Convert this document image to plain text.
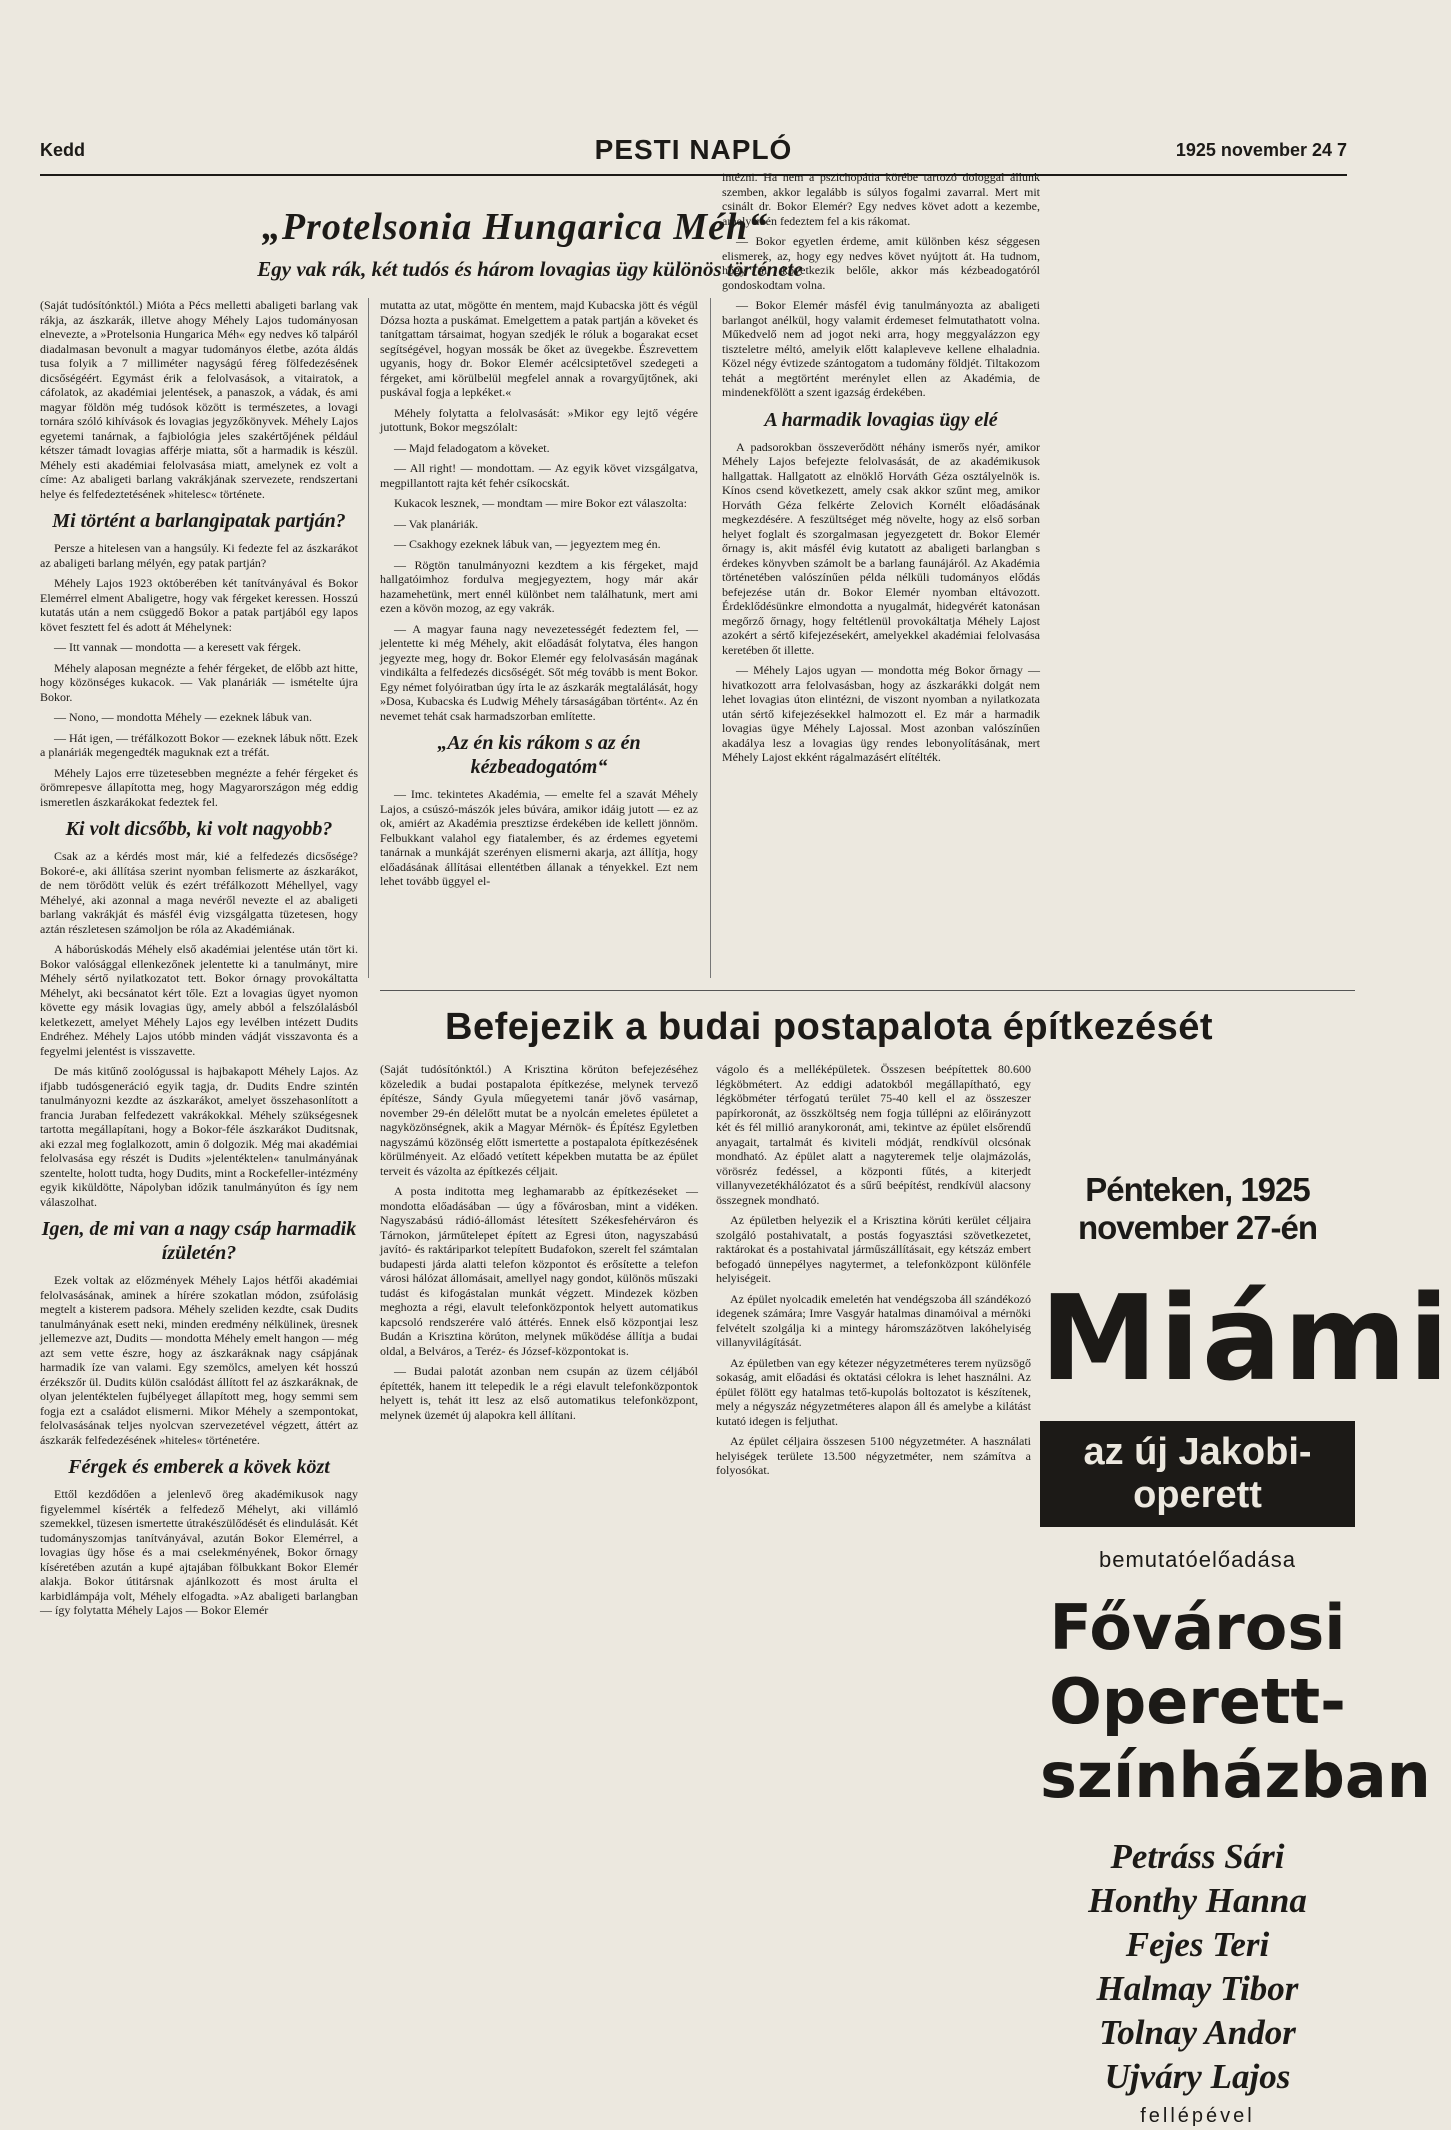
Kedd	PESTI NAPLÓ	1925 november 24 7
„Protelsonia Hungarica Méh“
Egy vak rák, két tudós és három lovagias ügy különös története

(Saját tudósítónktól.) Mióta a Pécs melletti abaligeti barlang vak rákja, az ászkarák, illetve ahogy Méhely Lajos tudományosan elnevezte, a »Protelsonia Hungarica Méh« egy nedves kő talpáról diadalmasan bevonult a magyar tudományos életbe, azóta áldás tusa folyik a 7 milliméter nagyságú féreg fölfedezésének dicsőségéért. Egymást érik a felolvasások, a vitairatok, a cáfolatok, az akadémiai jelentések, a panaszok, a vádak, és ami magyar földön még tudósok között is természetes, a lovagi tornára szóló kihívások és lovagias jegyzőkönyvek. Méhely Lajos egyetemi tanárnak, a fajbiológia jeles szakértőjének például kétszer támadt lovagias afférje miatta, sőt a harmadik is készül. Méhely esti akadémiai felolvasása miatt, amelynek ez volt a címe: Az abaligeti barlang vakrákjának szervezete, rendszertani helye és felfedeztetésének »hitelesc« története.

Mi történt a barlangipatak partján?

Persze a hitelesen van a hangsúly. Ki fedezte fel az ászkarákot az abaligeti barlang mélyén, egy patak partján?

Méhely Lajos 1923 októberében két tanítványával és Bokor Elemérrel elment Abaligetre, hogy vak férgeket keressen. Hosszú kutatás után a nem csüggedő Bokor a patak partjából egy lapos követ fesztett fel és adott át Méhelynek:

— Itt vannak — mondotta — a keresett vak férgek.

Méhely alaposan megnézte a fehér férgeket, de előbb azt hitte, hogy közönséges kukacok. — Vak planáriák — ismételte újra Bokor.

— Nono, — mondotta Méhely — ezeknek lábuk van.

— Hát igen, — tréfálkozott Bokor — ezeknek lábuk nőtt. Ezek a planáriák megengedték maguknak ezt a tréfát.

Méhely Lajos erre tüzetesebben megnézte a fehér férgeket és örömrepesve állapította meg, hogy Magyarországon még eddig ismeretlen ászkarákokat fedeztek fel.

Ki volt dicsőbb, ki volt nagyobb?

Csak az a kérdés most már, kié a felfedezés dicsősége? Bokoré-e, aki állítása szerint nyomban felismerte az ászkarákot, de nem törődött velük és ezért tréfálkozott Méhellyel, vagy Méhelyé, aki azonnal a maga nevéről nevezte el az abaligeti barlang vakrákját és másfél évig vizsgálgatta tüzetesen, hogy aztán részletesen számoljon be róla az Akadémiának.

A háborúskodás Méhely első akadémiai jelentése után tört ki. Bokor valósággal ellenkezőnek jelentette ki a tanulmányt, mire Méhely sértő nyilatkozatot tett. Bokor órnagy provokáltatta Méhelyt, aki becsánatot kért tőle. Ezt a lovagias ügyet nyomon követte egy másik lovagias ügy, amely abból a felszólalásból keletkezett, amelyet Méhely Lajos egy levélben intézett Dudits Endréhez. Méhely Lajos utóbb minden vádját visszavonta és a fegyelmi jelentést is visszavette.

De más kitűnő zoológussal is hajbakapott Méhely Lajos. Az ifjabb tudósgeneráció egyik tagja, dr. Dudits Endre szintén tanulmányozni kezdte az ászkarákot, amelyet összehasonlított a francia Juraban felfedezett vakrákokkal. Méhely szükségesnek tartotta megállapítani, hogy a Bokor-féle ászkarákot Duditsnak, aki ezzal meg foglalkozott, amin ő dolgozik. Még mai akadémiai felolvasása egy részét is Dudits »jelentéktelen« tanulmányának szentelte, holott tudta, hogy Dudits, mint a Rockefeller-intézmény egyik kiküldötte, Nápolyban időzik tanulmányúton és így nem válaszolhat.

Igen, de mi van a nagy csáp harmadik ízületén?

Ezek voltak az előzmények Méhely Lajos hétfői akadémiai felolvasásának, aminek a hírére szokatlan módon, zsúfolásig megtelt a kisterem padsora. Méhely szeliden kezdte, csak Dudits tanulmányának esett neki, minden eredmény nélkülinek, üresnek jellemezve azt, Dudits — mondotta Méhely emelt hangon — még azt sem vette észre, hogy az ászkaráknak nagy csápjának harmadik íze van valami. Egy szemölcs, amelyen két hosszú érzékszőr ül. Dudits külön csalódást állított fel az ászkaráknak, de olyan jelentéktelen fujbélyeget állapított meg, hogy semmi sem fogja ezt a családot elismerni. Mikor Méhely a szempontokat, felolvasásának teljes nyolcvan szervezetével végzett, áttért az ászkarák felfedezésének »hiteles« történetére.

Férgek és emberek a kövek közt

Ettől kezdődően a jelenlevő öreg akadémikusok nagy figyelemmel kísérték a felfedező Méhelyt, aki villámló szemekkel, tüzesen ismertette útrakészülődését és elindulását. Két tudományszomjas tanítványával, azután Bokor Elemérrel, a lovagias ügy hőse és a mai cselekményének, Bokor őrnagy kíséretében azután a kupé ajtajában fölbukkant Bokor Elemér alakja. Bokor útitársnak ajánlkozott és most árulta el karbidlámpája volt, Méhely elfogadta. »Az abaligeti barlangban — így folytatta Méhely Lajos — Bokor Elemér

mutatta az utat, mögötte én mentem, majd Kubacska jött és végül Dózsa hozta a puskámat. Emelgettem a patak partján a köveket és tanítgattam társaimat, hogyan szedjék le róluk a bogarakat ecset segítségével, hogyan mossák be őket az üvegekbe. Észrevettem ugyanis, hogy dr. Bokor Elemér acélcsiptetővel szedegeti a férgeket, ami körülbelül megfelel annak a rovargyűjtőnek, aki puskával fogja a lepkéket.«

Méhely folytatta a felolvasását: »Mikor egy lejtő végére jutottunk, Bokor megszólalt:

— Majd feladogatom a köveket.

— All right! — mondottam. — Az egyik követ vizsgálgatva, megpillantott rajta két fehér csíkocskát.

Kukacok lesznek, — mondtam — mire Bokor ezt válaszolta:

— Vak planáriák.

— Csakhogy ezeknek lábuk van, — jegyeztem meg én.

— Rögtön tanulmányozni kezdtem a kis férgeket, majd hallgatóimhoz fordulva megjegyeztem, hogy már akár hazamehetünk, mert ennél különbet nem találhatunk, mert ami ezen a kövön mozog, az egy vakrák.

— A magyar fauna nagy nevezetességét fedeztem fel, — jelentette ki még Méhely, akit előadását folytatva, éles hangon jegyezte meg, hogy dr. Bokor Elemér egy felolvasásán magának vindikálta a felfedezés dicsőségét. Sőt még tovább is ment Bokor. Egy német folyóiratban úgy írta le az ászkarák megtalálását, hogy »Dosa, Kubacska és Ludwig Méhely társaságában történt«. Az én nevemet tehát csak harmadszorban említette.

„Az én kis rákom s az én kézbeadogatóm“

— Imc. tekintetes Akadémia, — emelte fel a szavát Méhely Lajos, a csúszó-mászók jeles búvára, amikor idáig jutott — ez az ok, amiért az Akadémia presztizse érdekében ide kellett jönnöm. Felbukkant valahol egy fiatalember, és az érdemes egyetemi tanárnak a munkáját szerényen elismerni akarja, azt állítja, hogy előadásának állításai ellentétben állanak a tényekkel. Ezt nem lehet tovább üggyel el-

intézni. Ha nem a pszichopátia körébe tartozó dologgal állunk szemben, akkor legalább is súlyos fogalmi zavarral. Mert mit csinált dr. Bokor Elemér? Egy nedves követ adott a kezembe, amelyen én fedeztem fel a kis rákomat.

— Bokor egyetlen érdeme, amit különben kész séggesen elismerek, az, hogy egy nedves követ nyújtott át. Ha tudnom, hogy mi következik belőle, akkor más kézbeadogatóról gondoskodtam volna.

— Bokor Elemér másfél évig tanulmányozta az abaligeti barlangot anélkül, hogy valamit érdemeset felmutathatott volna. Műkedvelő nem ad jogot neki arra, hogy meggyalázzon egy tiszteletre méltó, amelyik előtt kalapleveve kellene elhaladnia. Közel négy évtizede szántogatom a tudomány földjét. Tiltakozom tehát a megtörtént merénylet ellen az Akadémia, de mindenekfölött a szent igazság érdekében.

A harmadik lovagias ügy elé

A padsorokban összeverődött néhány ismerős nyér, amikor Méhely Lajos befejezte felolvasását, de az akadémikusok hallgattak. Hallgatott az elnöklő Horváth Géza osztályelnök is. Kínos csend következett, amely csak akkor szűnt meg, amikor Horváth Géza felkérte Zelovich Kornélt előadásának megkezdésére. A feszültséget még növelte, hogy az első sorban helyet foglalt és szorgalmasan jegyezgetett dr. Bokor Elemér őrnagy is, akit másfél évig kutatott az abaligeti barlangban s érdekes könyvben számolt be a barlang faunájáról. Az Akadémia történetében valószínűen példa nélküli tudományos elődás befejezése után dr. Bokor Elemér nyomban eltávozott. Érdeklődésünkre elmondotta a nyugalmát, hidegvérét katonásan megőrző őrnagy, hogy feltétlenül provokáltatja Méhely Lajost azokért a sértő kifejezésekért, amelyekkel akadémiai felolvasása keretében őt illette.

— Méhely Lajos ugyan — mondotta még Bokor őrnagy — hivatkozott arra felolvasásban, hogy az ászkarákki dolgát nem lehet lovagias úton elintézni, de viszont nyomban a nyilatkozata után sértő kifejezésekkel halmozott el. Ez már a harmadik lovagias ügye Méhely Lajossal. Most azonban valószínűen akadálya lesz a lovagias ügy rendes lebonyolításának, mert Méhely Lajost ekként rágalmazásért elítélték.

Befejezik a budai postapalota építkezését

(Saját tudósítónktól.) A Krisztina körúton befejezéséhez közeledik a budai postapalota építkezése, melynek tervező építésze, Sándy Gyula műegyetemi tanár jövő vasárnap, november 29-én délelőtt mutat be a nyolcán emeletes épületet a nagyközönségnek, akik a Magyar Mérnök- és Építész Egyletben nagyszámú közönség előtt ismertette a postapalota építkezésének körülményeit. Az előadó vetített képekben mutatta be az épület terveit és vázolta az építkezés céljait.

A posta inditotta meg leghamarabb az építkezéseket — mondotta előadásában — úgy a fővárosban, mint a vidéken. Nagyszabású rádió-állomást létesített Székesfehérváron és Tárnokon, járműtelepet épített az Egresi úton, nagyszabású javító- és raktáriparkot telepített Budafokon, szerelt fel számtalan budapesti járda alatti telefon központot és erősítette a telefon városi hálózat állomásait, amellyel nagy gondot, különös műszaki tudást és kifogástalan munkát végzett. Mindezek közben meghozta a régi, elavult telefonközpontok helyett automatikus kapcsoló rendszerére való áttérés. Ennek első központjai lesz Budán a Krisztina körúton, melynek működése állítja a budai oldal, a Belváros, a Teréz- és József-központokat is.

— Budai palotát azonban nem csupán az üzem céljából építették, hanem itt telepedik le a régi elavult telefonközpontok helyett is, tehát itt lesz az első automatikus telefonközpont, melynek üzemét új alapokra kell állítani.

vágolo és a melléképületek. Összesen beépítettek 80.600 légköbmétert. Az eddigi adatokból megállapítható, egy légköbméter térfogatú terület 75-40 kell el az összeszer papírkoronát, az összköltség nem fogja túllépni az előirányzott két és fél millió aranykoronát, ami, tekintve az épület elsőrendű anyagait, tartalmát és kiviteli módját, rendkívül olcsónak mondható. Az épület alatt a nagyteremek telje olajmázolás, vörösréz fedéssel, a központi fűtés, a kiterjedt villanyvezetékhálózatot és a sűrű beépítést, rendkívül alacsony összegnek mondható.

Az épületben helyezik el a Krisztina körúti kerület céljaira szolgáló postahivatalt, a postás fogyasztási szövetkezetet, raktárokat és a postahivatal járműszállításait, egy kétszáz embert befogadó ünnepélyes nagytermet, a telefonközpont különféle helyiségeit.

Az épület nyolcadik emeletén hat vendégszoba áll szándékozó idegenek számára; Imre Vasgyár hatalmas dinamóival a mérnöki felvételt szolgálja ki a mintegy háromszázötven lakóhelyiség villanyvilágítását.

Az épületben van egy kétezer négyzetméteres terem nyüzsögő sokaság, amit előadási és oktatási célokra is lehet használni. Az épület fölött egy hatalmas tető-kupolás boltozatot is készítenek, mely a négyszáz négyzetméteres alapon áll és amelybe a kilátást kutató idegen is feljuthat.

Az épület céljaira összesen 5100 négyzetméter. A használati helyiségek területe 13.500 négyzetméter, nem számítva a folyosókat.

Pénteken, 1925 november 27-én
Miámi
az új Jakobi-operett
bemutatóelőadása
Fővárosi Operett-
színházban
Petráss Sári
Honthy Hanna
Fejes Teri
Halmay Tibor
Tolnay Andor
Ujváry Lajos
fellépével
